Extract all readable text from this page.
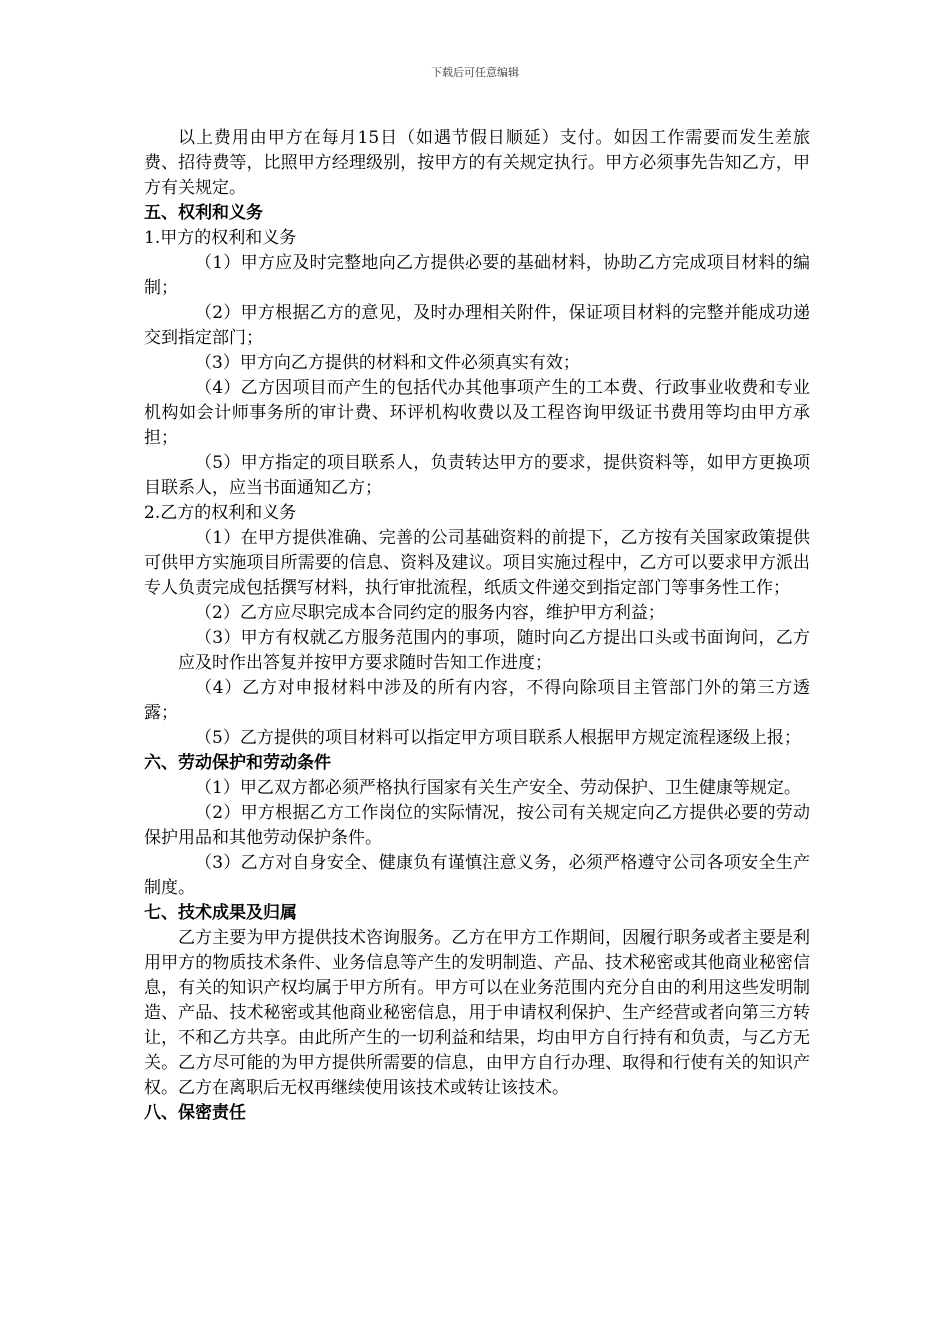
下载后可任意编辑

以上费用由甲方在每月15日（如遇节假日顺延）支付。如因工作需要而发生差旅费、招待费等，比照甲方经理级别，按甲方的有关规定执行。甲方必须事先告知乙方，甲方有关规定。

五、权利和义务

1.甲方的权利和义务

（1）甲方应及时完整地向乙方提供必要的基础材料，协助乙方完成项目材料的编制；

（2）甲方根据乙方的意见，及时办理相关附件，保证项目材料的完整并能成功递交到指定部门；

（3）甲方向乙方提供的材料和文件必须真实有效；

（4）乙方因项目而产生的包括代办其他事项产生的工本费、行政事业收费和专业机构如会计师事务所的审计费、环评机构收费以及工程咨询甲级证书费用等均由甲方承担；

（5）甲方指定的项目联系人，负责转达甲方的要求，提供资料等，如甲方更换项目联系人，应当书面通知乙方；

2.乙方的权利和义务

（1）在甲方提供准确、完善的公司基础资料的前提下，乙方按有关国家政策提供可供甲方实施项目所需要的信息、资料及建议。项目实施过程中，乙方可以要求甲方派出专人负责完成包括撰写材料，执行审批流程，纸质文件递交到指定部门等事务性工作；

（2）乙方应尽职完成本合同约定的服务内容，维护甲方利益；

（3）甲方有权就乙方服务范围内的事项，随时向乙方提出口头或书面询问，乙方应及时作出答复并按甲方要求随时告知工作进度；

（4）乙方对申报材料中涉及的所有内容，不得向除项目主管部门外的第三方透露；

（5）乙方提供的项目材料可以指定甲方项目联系人根据甲方规定流程逐级上报；

六、劳动保护和劳动条件

（1）甲乙双方都必须严格执行国家有关生产安全、劳动保护、卫生健康等规定。

（2）甲方根据乙方工作岗位的实际情况，按公司有关规定向乙方提供必要的劳动保护用品和其他劳动保护条件。

（3）乙方对自身安全、健康负有谨慎注意义务，必须严格遵守公司各项安全生产制度。

七、技术成果及归属

乙方主要为甲方提供技术咨询服务。乙方在甲方工作期间，因履行职务或者主要是利用甲方的物质技术条件、业务信息等产生的发明制造、产品、技术秘密或其他商业秘密信息，有关的知识产权均属于甲方所有。甲方可以在业务范围内充分自由的利用这些发明制造、产品、技术秘密或其他商业秘密信息，用于申请权利保护、生产经营或者向第三方转让，不和乙方共享。由此所产生的一切利益和结果，均由甲方自行持有和负责，与乙方无关。乙方尽可能的为甲方提供所需要的信息，由甲方自行办理、取得和行使有关的知识产权。乙方在离职后无权再继续使用该技术或转让该技术。

八、保密责任
